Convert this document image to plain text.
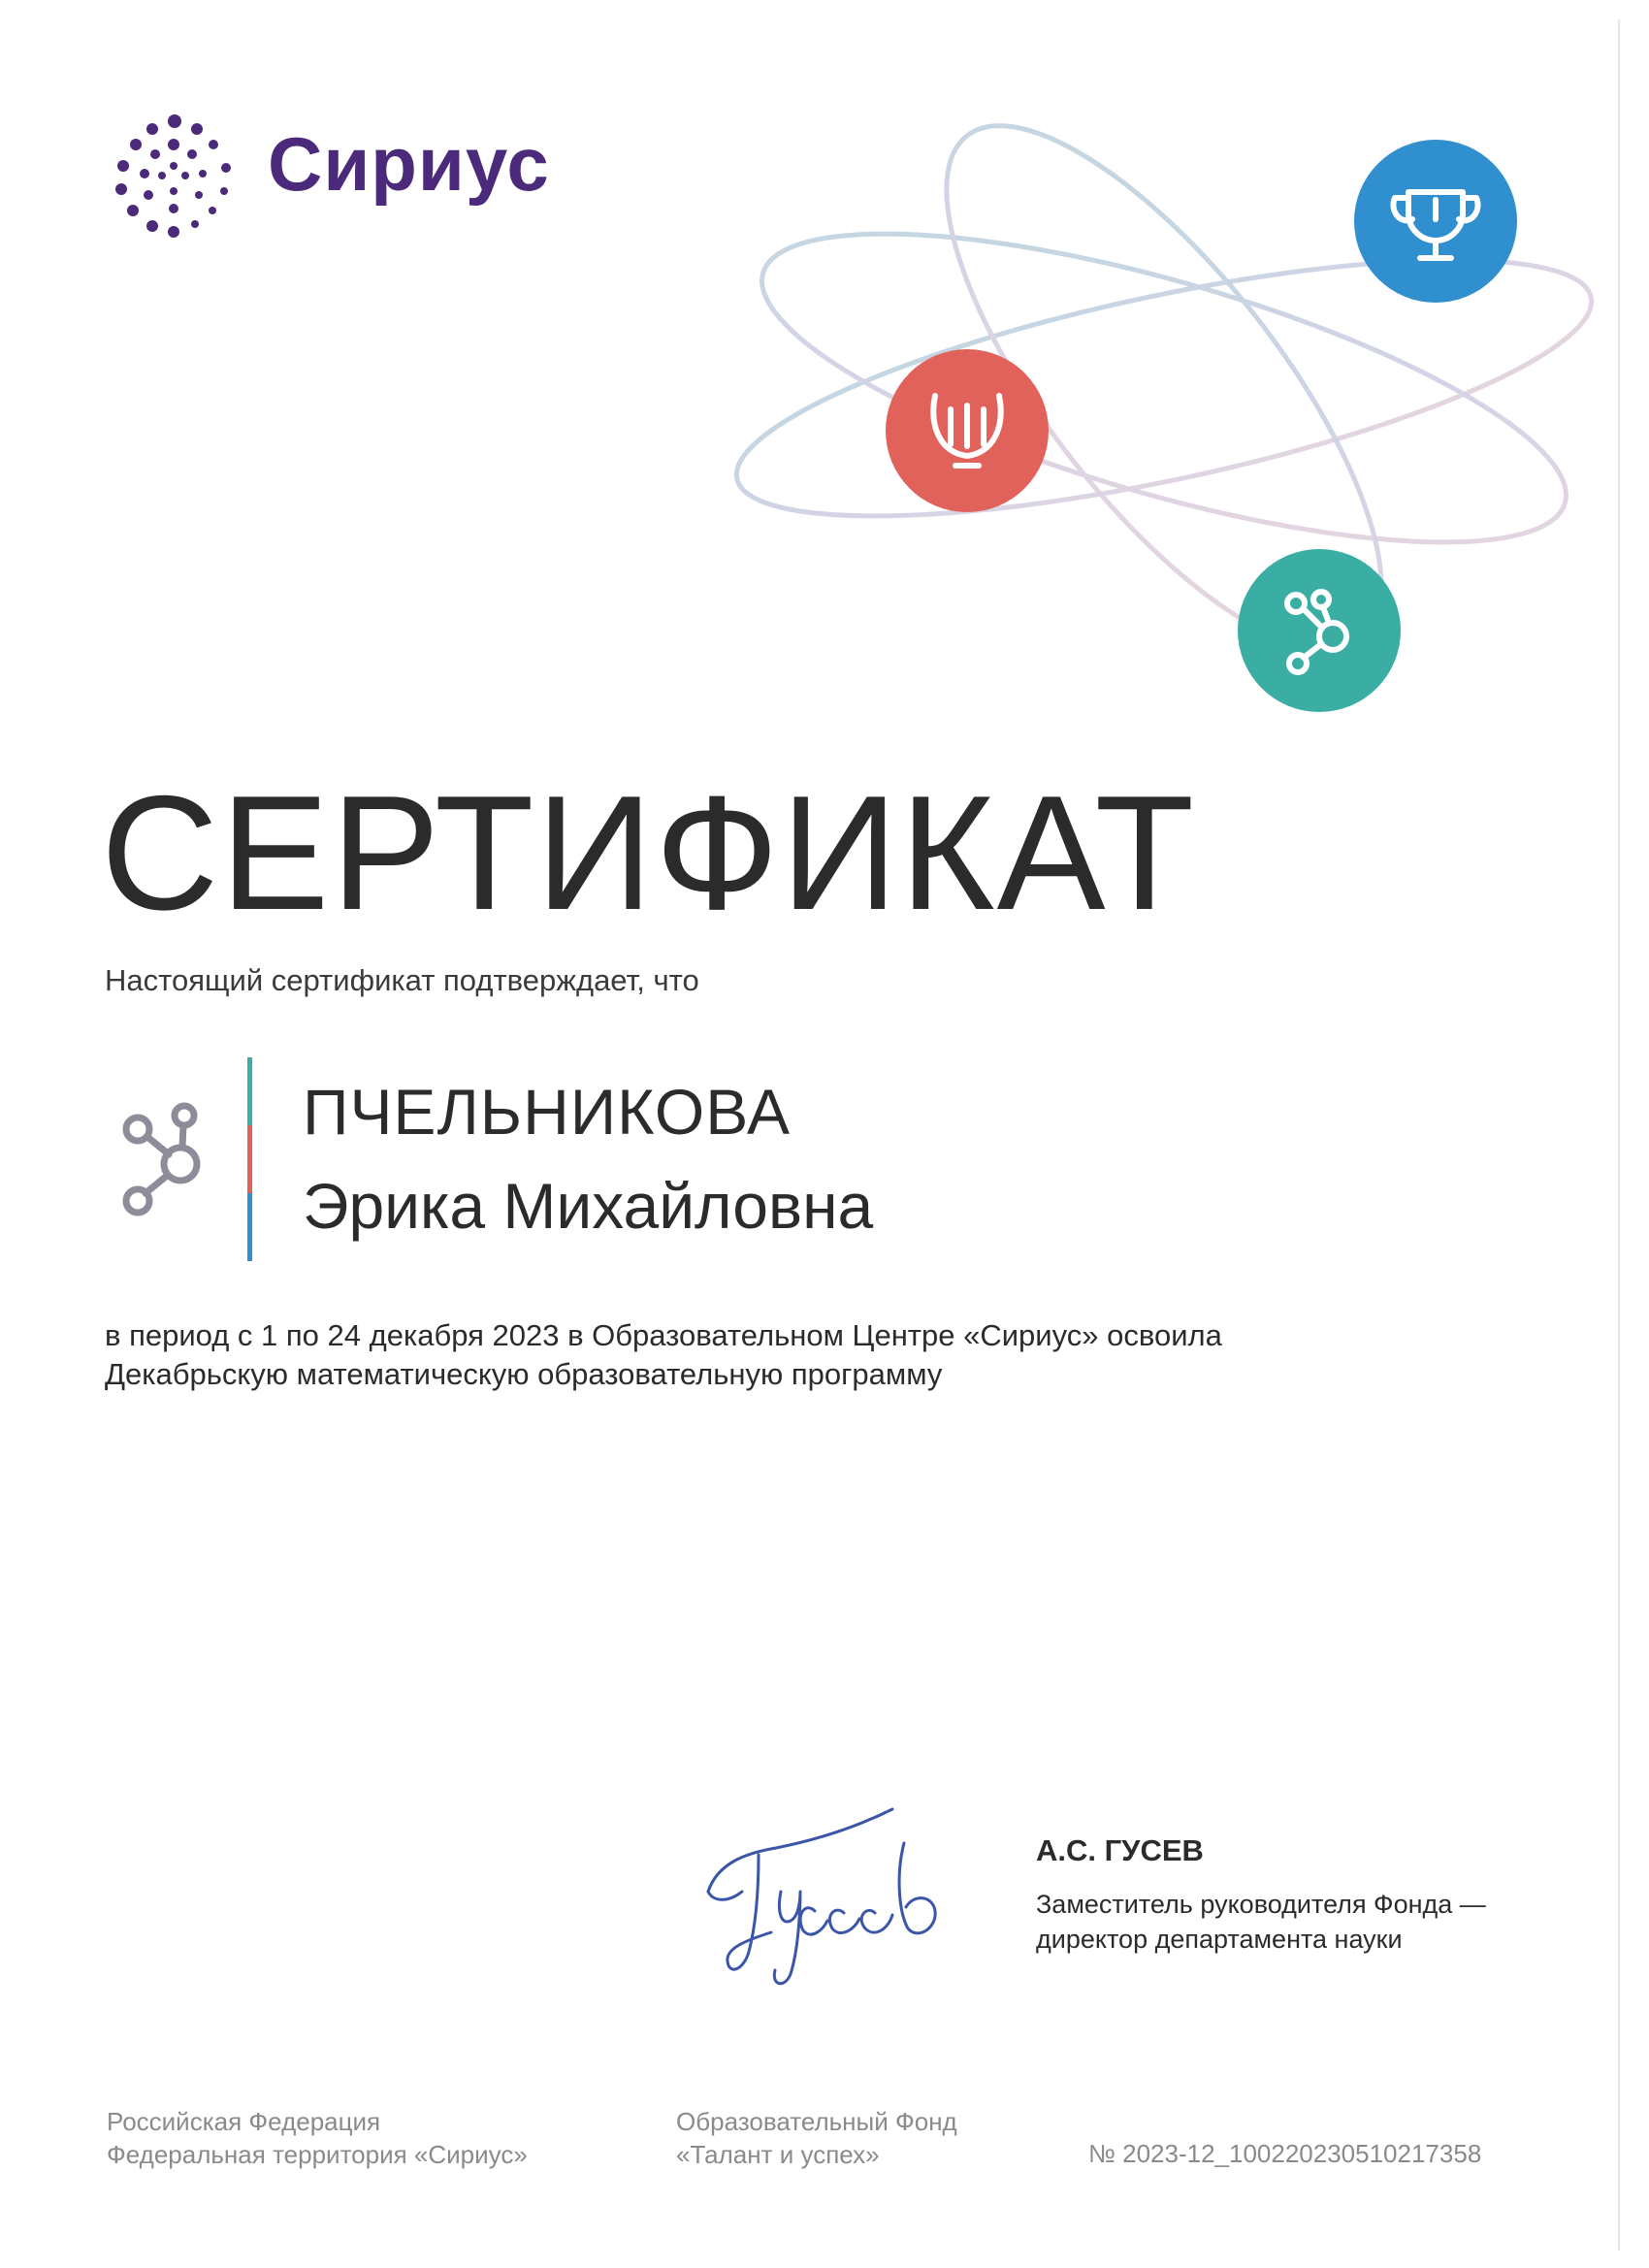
Сириус
СЕРТИФИКАТ
Настоящий сертификат подтверждает, что
ПЧЕЛЬНИКОВА
Эрика Михайловна
в период с 1 по 24 декабря 2023 в Образовательном Центре «Сириус» освоила
Декабрьскую математическую образовательную программу
А.С. ГУСЕВ
Заместитель руководителя Фонда —
директор департамента науки
Российская Федерация
Федеральная территория «Сириус»
Образовательный Фонд
«Талант и успех»	№ 2023-12_100220230510217358
